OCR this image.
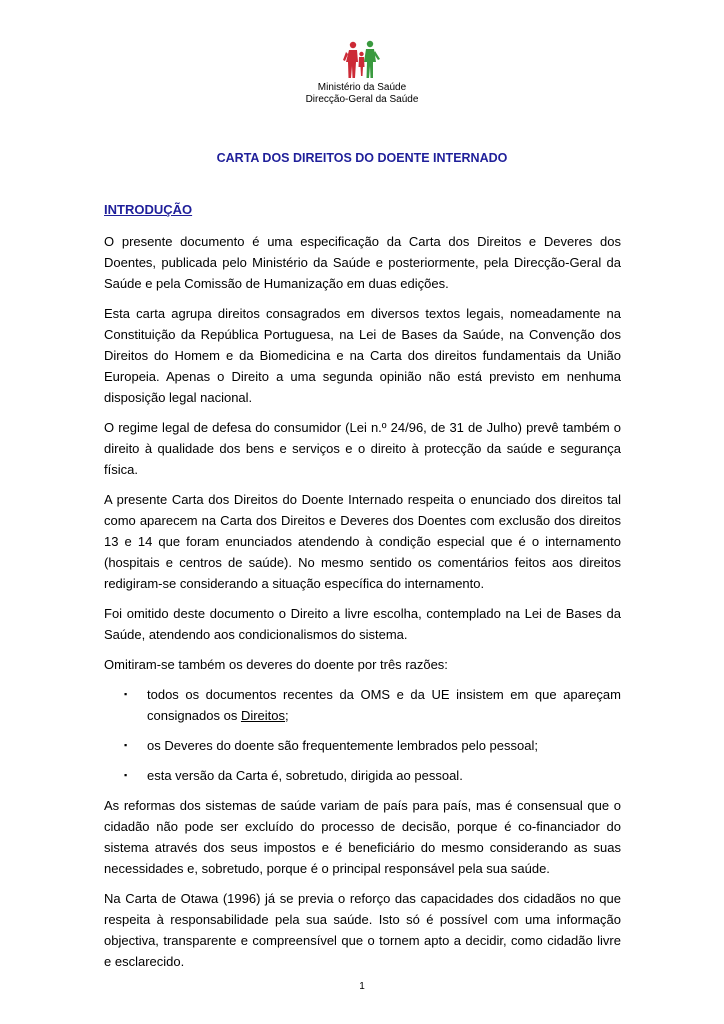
Ministério da Saúde
Direcção-Geral da Saúde
CARTA DOS DIREITOS DO DOENTE INTERNADO
INTRODUÇÃO

O presente documento é uma especificação da Carta dos Direitos e Deveres dos Doentes, publicada pelo Ministério da Saúde e posteriormente, pela Direcção-Geral da Saúde e pela Comissão de Humanização em duas edições.

Esta carta agrupa direitos consagrados em diversos textos legais, nomeadamente na Constituição da República Portuguesa, na Lei de Bases da Saúde, na Convenção dos Direitos do Homem e da Biomedicina e na Carta dos direitos fundamentais da União Europeia. Apenas o Direito a uma segunda opinião não está previsto em nenhuma disposição legal nacional.

O regime legal de defesa do consumidor (Lei n.º 24/96, de 31 de Julho) prevê também o direito à qualidade dos bens e serviços e o direito à protecção da saúde e segurança física.

A presente Carta dos Direitos do Doente Internado respeita o enunciado dos direitos tal como aparecem na Carta dos Direitos e Deveres dos Doentes com exclusão dos direitos 13 e 14 que foram enunciados atendendo à condição especial que é o internamento (hospitais e centros de saúde). No mesmo sentido os comentários feitos aos direitos redigiram-se considerando a situação específica do internamento.

Foi omitido deste documento o Direito a livre escolha, contemplado na Lei de Bases da Saúde, atendendo aos condicionalismos do sistema.

Omitiram-se também os deveres do doente por três razões:

▪ todos os documentos recentes da OMS e da UE insistem em que apareçam consignados os Direitos;
▪ os Deveres do doente são frequentemente lembrados pelo pessoal;
▪ esta versão da Carta é, sobretudo, dirigida ao pessoal.

As reformas dos sistemas de saúde variam de país para país, mas é consensual que o cidadão não pode ser excluído do processo de decisão, porque é co-financiador do sistema através dos seus impostos e é beneficiário do mesmo considerando as suas necessidades e, sobretudo, porque é o principal responsável pela sua saúde.

Na Carta de Otawa (1996) já se previa o reforço das capacidades dos cidadãos no que respeita à responsabilidade pela sua saúde. Isto só é possível com uma informação objectiva, transparente e compreensível que o tornem apto a decidir, como cidadão livre e esclarecido.

1
